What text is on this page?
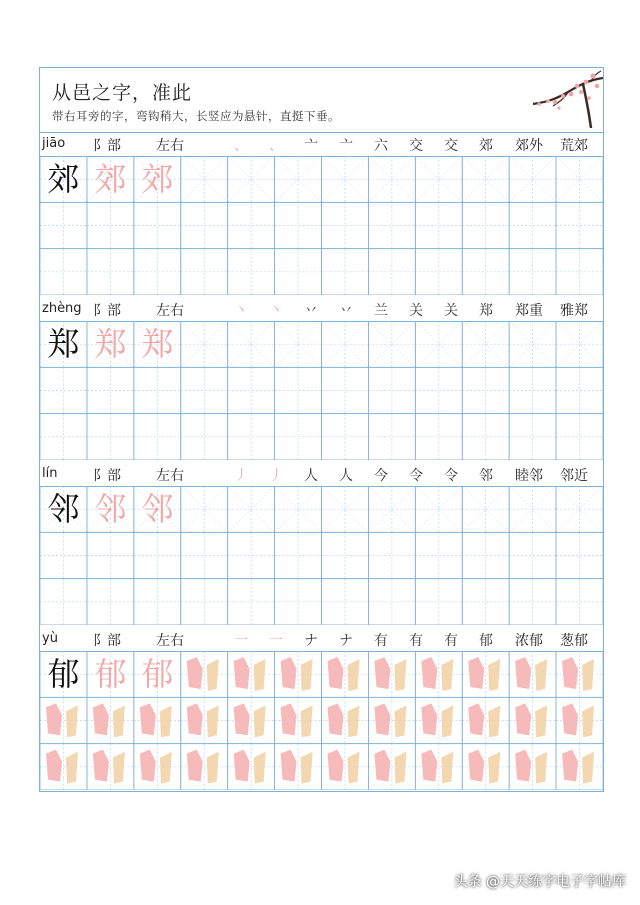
从邑之字，准此
带右耳旁的字，弯钩稍大，长竖应为悬针，直挺下垂。
jiāo 阝部	左右	、 、 亠 亠 六 交 交 郊 郊外 荒郊
郊 郊 郊
zhèng 阝部	左右	丶 丶 丷 丷 兰 关 关 郑 郑重 雅郑
郑 郑 郑
lín	阝部	左右	丿 丿 人 人 今 令 令 邻 睦邻 邻近
邻 邻 邻
yù	阝部	左右	一 一 ナ ナ 有 有 有 郁 浓郁 葱郁
郁 郁 郁
头条 @天天练字电子字帖库
